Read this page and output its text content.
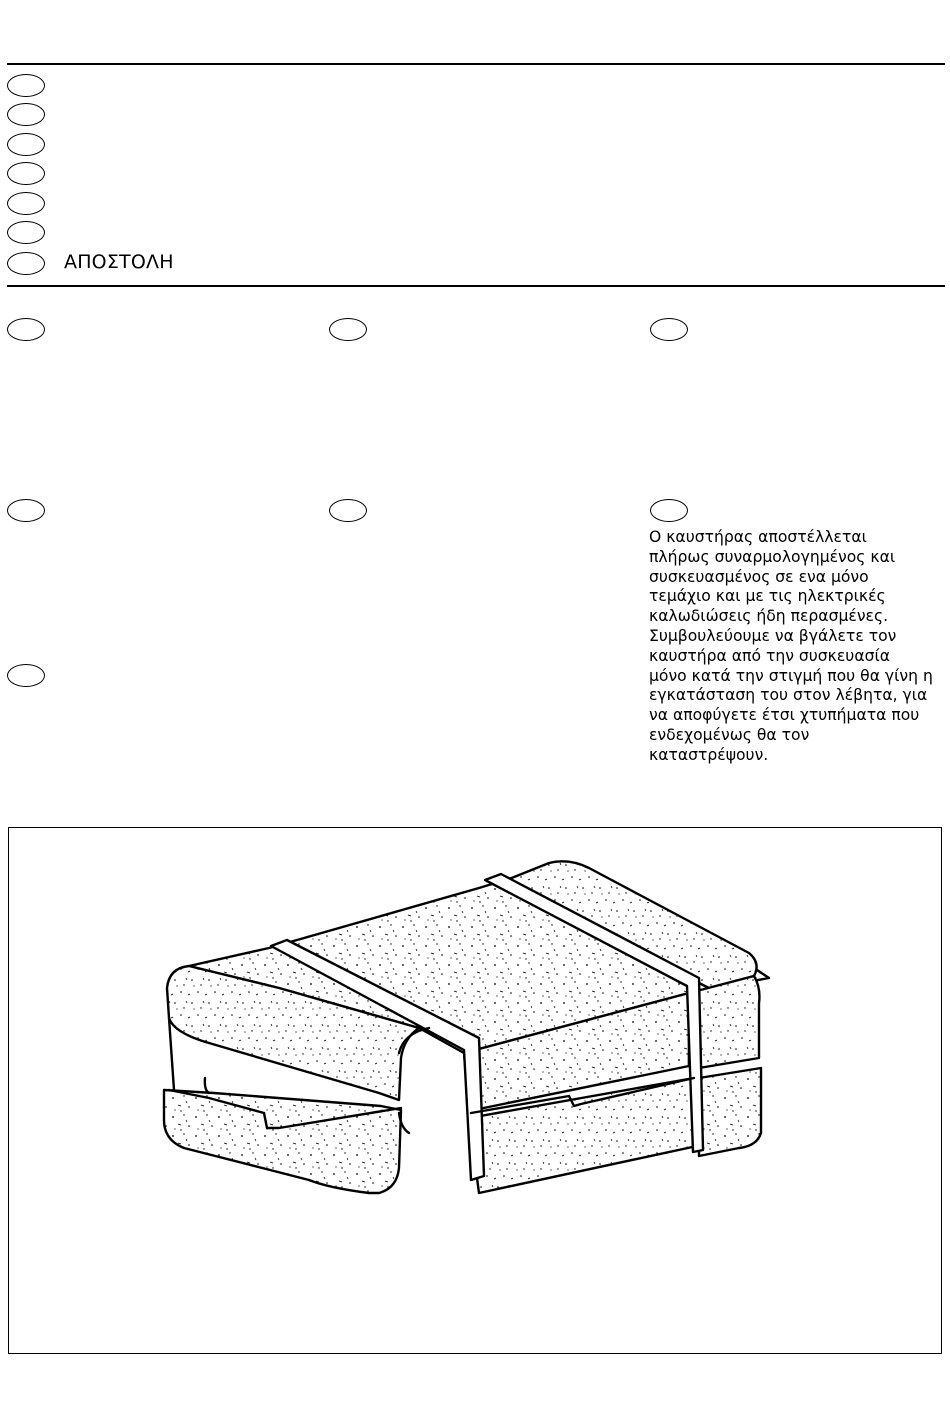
ΑΠΟΣΤΟΛΗ
Ο καυστήρας αποστέλλεται
πλήρως συναρμολογημένος και
συσκευασμένος σε ενα μόνο
τεμάχιο και με τις ηλεκτρικές
καλωδιώσεις ήδη περασμένες.
Συμβουλεύουμε να βγάλετε τον
καυστήρα από την συσκευασία
μόνο κατά την στιγμή που θα γίνη η
εγκατάσταση του στον λέβητα, για
να αποφύγετε έτσι χτυπήματα που
ενδεχομένως θα τον
καταστρέψουν.
